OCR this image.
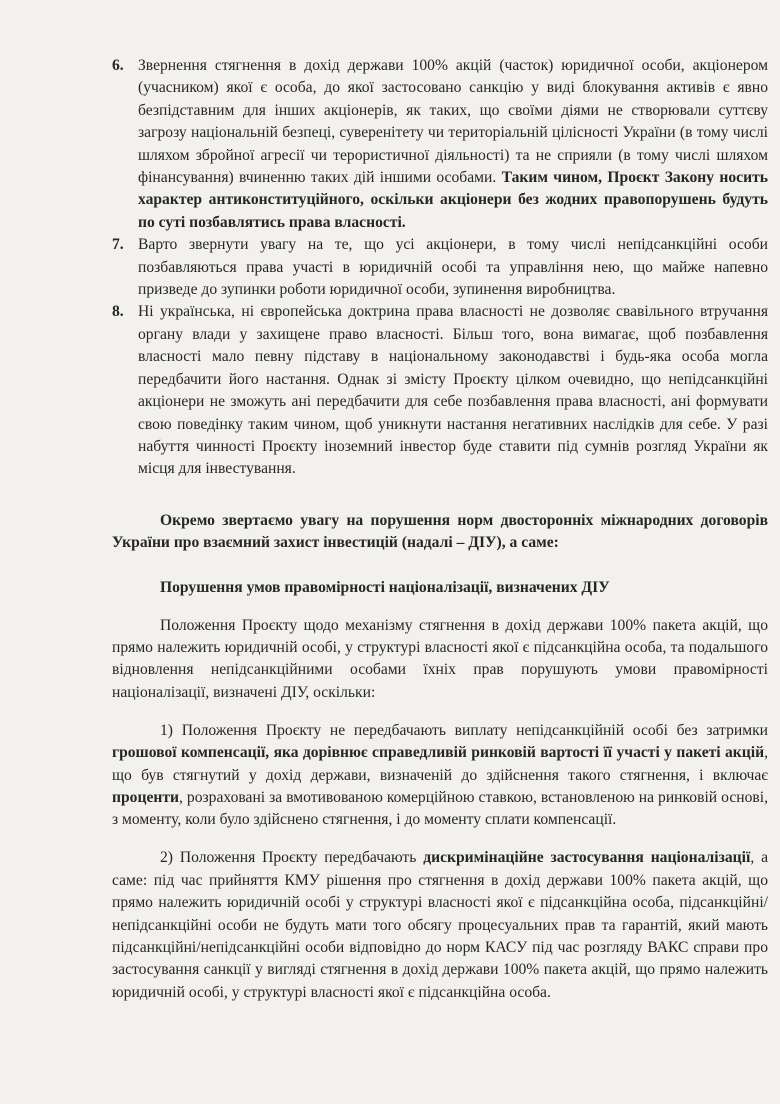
6. Звернення стягнення в дохід держави 100% акцій (часток) юридичної особи, акціонером (учасником) якої є особа, до якої застосовано санкцію у виді блокування активів є явно безпідставним для інших акціонерів, як таких, що своїми діями не створювали суттєву загрозу національній безпеці, суверенітету чи територіальній цілісності України (в тому числі шляхом збройної агресії чи терористичної діяльності) та не сприяли (в тому числі шляхом фінансування) вчиненню таких дій іншими особами. Таким чином, Проєкт Закону носить характер антиконституційного, оскільки акціонери без жодних правопорушень будуть по суті позбавлятись права власності.

7. Варто звернути увагу на те, що усі акціонери, в тому числі непідсанкційні особи позбавляються права участі в юридичній особі та управління нею, що майже напевно призведе до зупинки роботи юридичної особи, зупинення виробництва.

8. Ні українська, ні європейська доктрина права власності не дозволяє свавільного втручання органу влади у захищене право власності. Більш того, вона вимагає, щоб позбавлення власності мало певну підставу в національному законодавстві і будь-яка особа могла передбачити його настання. Однак зі змісту Проєкту цілком очевидно, що непідсанкційні акціонери не зможуть ані передбачити для себе позбавлення права власності, ані формувати свою поведінку таким чином, щоб уникнути настання негативних наслідків для себе. У разі набуття чинності Проєкту іноземний інвестор буде ставити під сумнів розгляд України як місця для інвестування.

Окремо звертаємо увагу на порушення норм двосторонніх міжнародних договорів України про взаємний захист інвестицій (надалі – ДІУ), а саме:

Порушення умов правомірності націоналізації, визначених ДІУ

Положення Проєкту щодо механізму стягнення в дохід держави 100% пакета акцій, що прямо належить юридичній особі, у структурі власності якої є підсанкційна особа, та подальшого відновлення непідсанкційними особами їхніх прав порушують умови правомірності націоналізації, визначені ДІУ, оскільки:

1) Положення Проєкту не передбачають виплату непідсанкційній особі без затримки грошової компенсації, яка дорівнює справедливій ринковій вартості її участі у пакеті акцій, що був стягнутий у дохід держави, визначеній до здійснення такого стягнення, і включає проценти, розраховані за вмотивованою комерційною ставкою, встановленою на ринковій основі, з моменту, коли було здійснено стягнення, і до моменту сплати компенсації.

2) Положення Проєкту передбачають дискримінаційне застосування націоналізації, а саме: під час прийняття КМУ рішення про стягнення в дохід держави 100% пакета акцій, що прямо належить юридичній особі у структурі власності якої є підсанкційна особа, підсанкційні/непідсанкційні особи не будуть мати того обсягу процесуальних прав та гарантій, який мають підсанкційні/непідсанкційні особи відповідно до норм КАСУ під час розгляду ВАКС справи про застосування санкції у вигляді стягнення в дохід держави 100% пакета акцій, що прямо належить юридичній особі, у структурі власності якої є підсанкційна особа.
